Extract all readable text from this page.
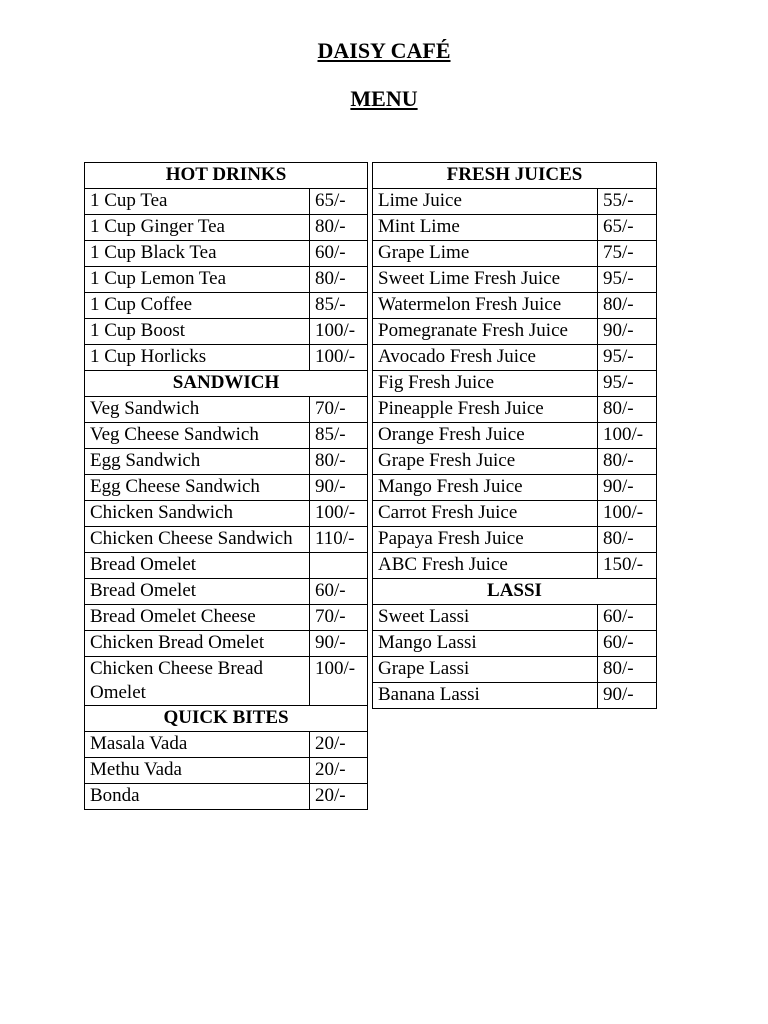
DAISY CAFÉ
MENU
HOT DRINKS	
1 Cup Tea	65/-
1 Cup Ginger Tea	80/-
1 Cup Black Tea	60/-
1 Cup Lemon Tea	80/-
1 Cup Coffee	85/-
1 Cup Boost	100/-
1 Cup Horlicks	100/-
SANDWICH	
Veg Sandwich	70/-
Veg Cheese Sandwich	85/-
Egg Sandwich	80/-
Egg Cheese Sandwich	90/-
Chicken Sandwich	100/-
Chicken Cheese Sandwich	110/-
Bread Omelet	
Bread Omelet	60/-
Bread Omelet Cheese	70/-
Chicken Bread Omelet	90/-
Chicken Cheese Bread Omelet	100/-
QUICK BITES	
Masala Vada	20/-
Methu Vada	20/-
Bonda	20/-
FRESH JUICES	
Lime Juice	55/-
Mint Lime	65/-
Grape Lime	75/-
Sweet Lime Fresh Juice	95/-
Watermelon Fresh Juice	80/-
Pomegranate Fresh Juice	90/-
Avocado Fresh Juice	95/-
Fig Fresh Juice	95/-
Pineapple Fresh Juice	80/-
Orange Fresh Juice	100/-
Grape Fresh Juice	80/-
Mango Fresh Juice	90/-
Carrot Fresh Juice	100/-
Papaya Fresh Juice	80/-
ABC Fresh Juice	150/-
LASSI	
Sweet Lassi	60/-
Mango Lassi	60/-
Grape Lassi	80/-
Banana Lassi	90/-
